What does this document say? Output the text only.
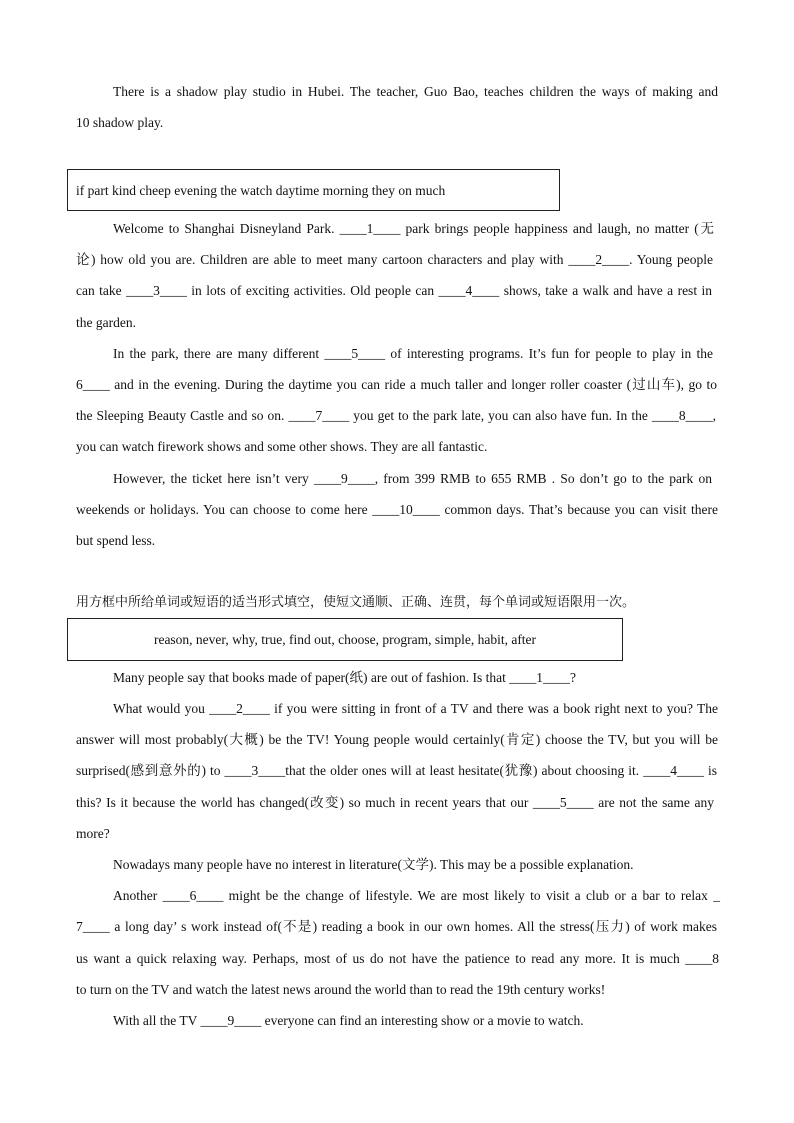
There is a shadow play studio in Hubei. The teacher, Guo Bao, teaches children the ways of making and
10 shadow play.
if part kind cheep evening the watch daytime morning they on much
Welcome to Shanghai Disneyland Park. ____1____ park brings people happiness and laugh, no matter (无
论) how old you are. Children are able to meet many cartoon characters and play with ____2____. Young people
can take ____3____ in lots of exciting activities. Old people can ____4____ shows, take a walk and have a rest in
the garden.
In the park, there are many different ____5____ of interesting programs. It’s fun for people to play in the
6____ and in the evening. During the daytime you can ride a much taller and longer roller coaster (过山车), go to
the Sleeping Beauty Castle and so on. ____7____ you get to the park late, you can also have fun. In the ____8____,
you can watch firework shows and some other shows. They are all fantastic.
However, the ticket here isn’t very ____9____, from 399 RMB to 655 RMB . So don’t go to the park on
weekends or holidays. You can choose to come here ____10____ common days. That’s because you can visit there
but spend less.
用方框中所给单词或短语的适当形式填空，使短文通顺、正确、连贯，每个单词或短语限用一次。
reason, never, why, true, find out, choose, program, simple, habit, after
Many people say that books made of paper(纸) are out of fashion. Is that ____1____?
What would you ____2____ if you were sitting in front of a TV and there was a book right next to you? The
answer will most probably(大概) be the TV! Young people would certainly(肯定) choose the TV, but you will be
surprised(感到意外的) to ____3____that the older ones will at least hesitate(犹豫) about choosing it. ____4____ is
this? Is it because the world has changed(改变) so much in recent years that our ____5____ are not the same any
more?
Nowadays many people have no interest in literature(文学). This may be a possible explanation.
Another ____6____ might be the change of lifestyle. We are most likely to visit a club or a bar to relax _
7____ a long day’ s work instead of(不是) reading a book in our own homes. All the stress(压力) of work makes
us want a quick relaxing way. Perhaps, most of us do not have the patience to read any more. It is much ____8
to turn on the TV and watch the latest news around the world than to read the 19th century works!
With all the TV ____9____ everyone can find an interesting show or a movie to watch.
